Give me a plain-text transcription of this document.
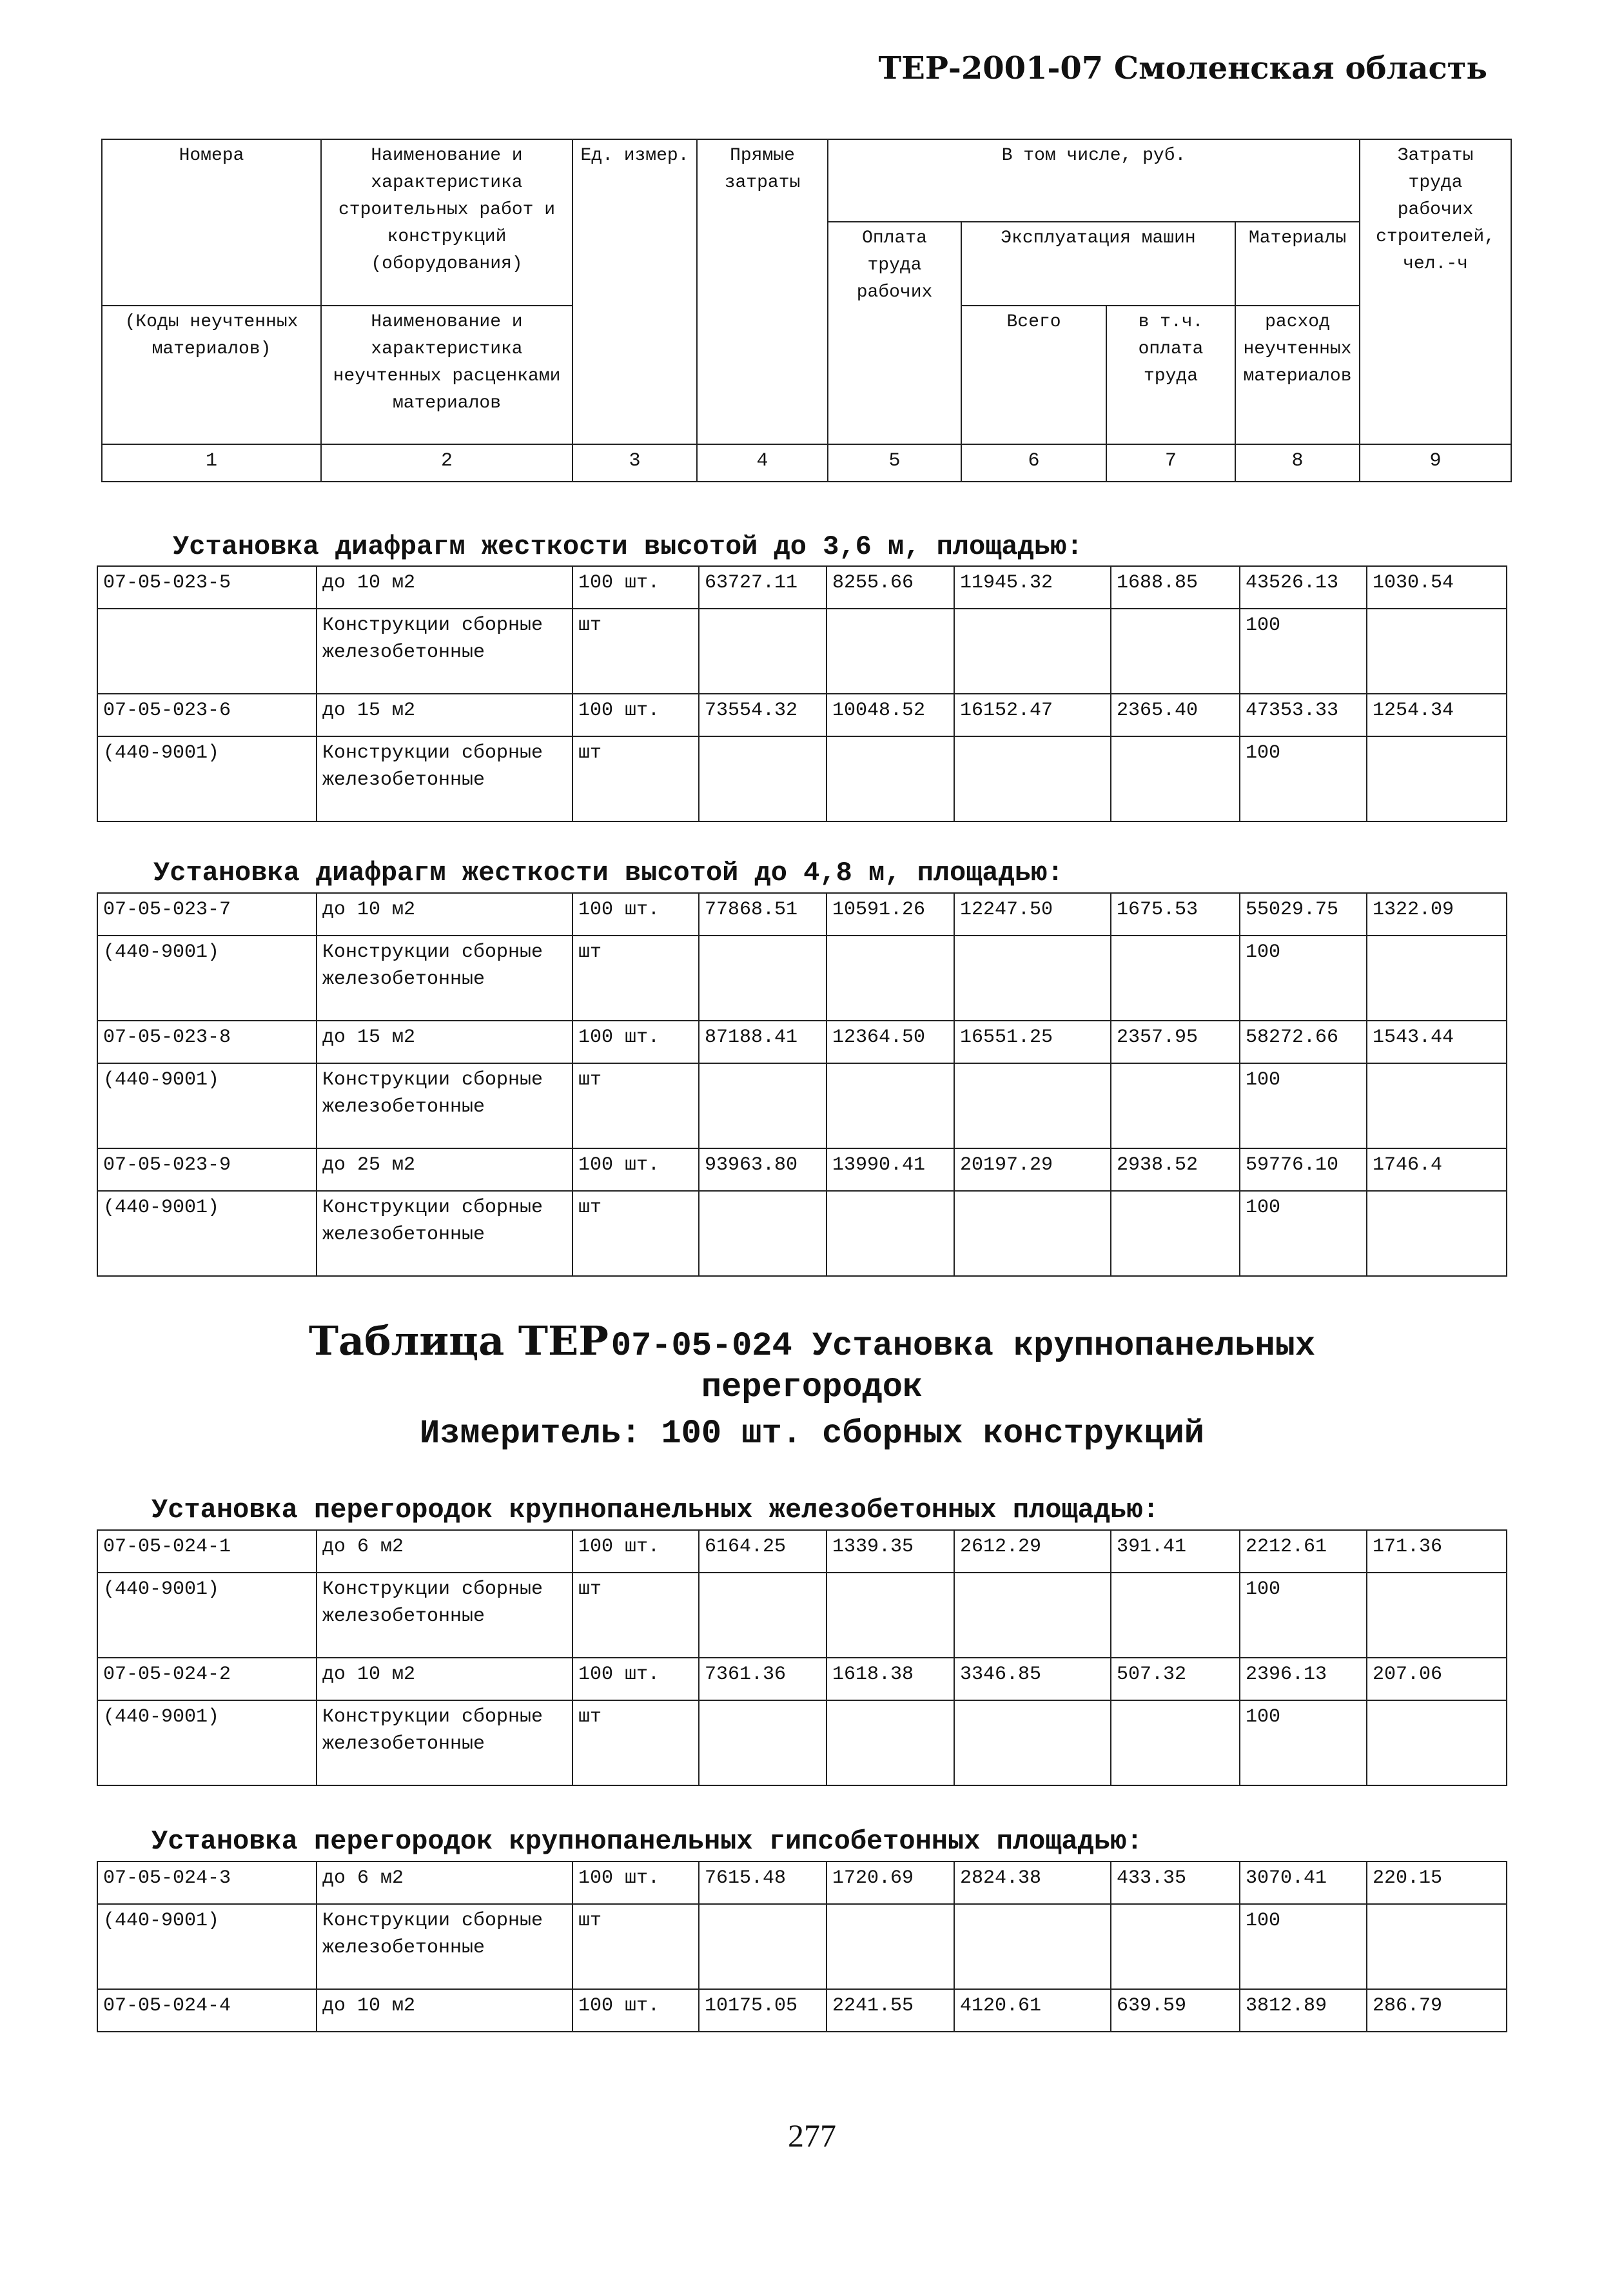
ТЕР-2001-07 Смоленская область
Номера	Наименование и характеристика строительных работ и конструкций (оборудования)	Ед. измер.	Прямые затраты	В том числе, руб.				Затраты труда рабочих строителей, чел.-ч
				Оплата труда рабочих	Эксплуатация машин		Материалы	
(Коды неучтенных материалов)	Наименование и характеристика неучтенных расценками материалов				Всего	в т.ч. оплата труда	расход неучтенных материалов	
1	2	3	4	5	6	7	8	9
Установка диафрагм жесткости высотой до 3,6 м, площадью:
07-05-023-5	до 10 м2	100 шт.	63727.11	8255.66	11945.32	1688.85	43526.13	1030.54
	Конструкции сборные железобетонные	шт					100	
07-05-023-6	до 15 м2	100 шт.	73554.32	10048.52	16152.47	2365.40	47353.33	1254.34
(440-9001)	Конструкции сборные железобетонные	шт					100	
Установка диафрагм жесткости высотой до 4,8 м, площадью:
07-05-023-7	до 10 м2	100 шт.	77868.51	10591.26	12247.50	1675.53	55029.75	1322.09
(440-9001)	Конструкции сборные железобетонные	шт					100	
07-05-023-8	до 15 м2	100 шт.	87188.41	12364.50	16551.25	2357.95	58272.66	1543.44
(440-9001)	Конструкции сборные железобетонные	шт					100	
07-05-023-9	до 25 м2	100 шт.	93963.80	13990.41	20197.29	2938.52	59776.10	1746.4
(440-9001)	Конструкции сборные железобетонные	шт					100	
Таблица ТЕР 07-05-024 Установка крупнопанельных
перегородок
Измеритель: 100 шт. сборных конструкций
Установка перегородок крупнопанельных железобетонных площадью:
07-05-024-1	до 6 м2	100 шт.	6164.25	1339.35	2612.29	391.41	2212.61	171.36
(440-9001)	Конструкции сборные железобетонные	шт					100	
07-05-024-2	до 10 м2	100 шт.	7361.36	1618.38	3346.85	507.32	2396.13	207.06
(440-9001)	Конструкции сборные железобетонные	шт					100	
Установка перегородок крупнопанельных гипсобетонных площадью:
07-05-024-3	до 6 м2	100 шт.	7615.48	1720.69	2824.38	433.35	3070.41	220.15
(440-9001)	Конструкции сборные железобетонные	шт					100	
07-05-024-4	до 10 м2	100 шт.	10175.05	2241.55	4120.61	639.59	3812.89	286.79
277
